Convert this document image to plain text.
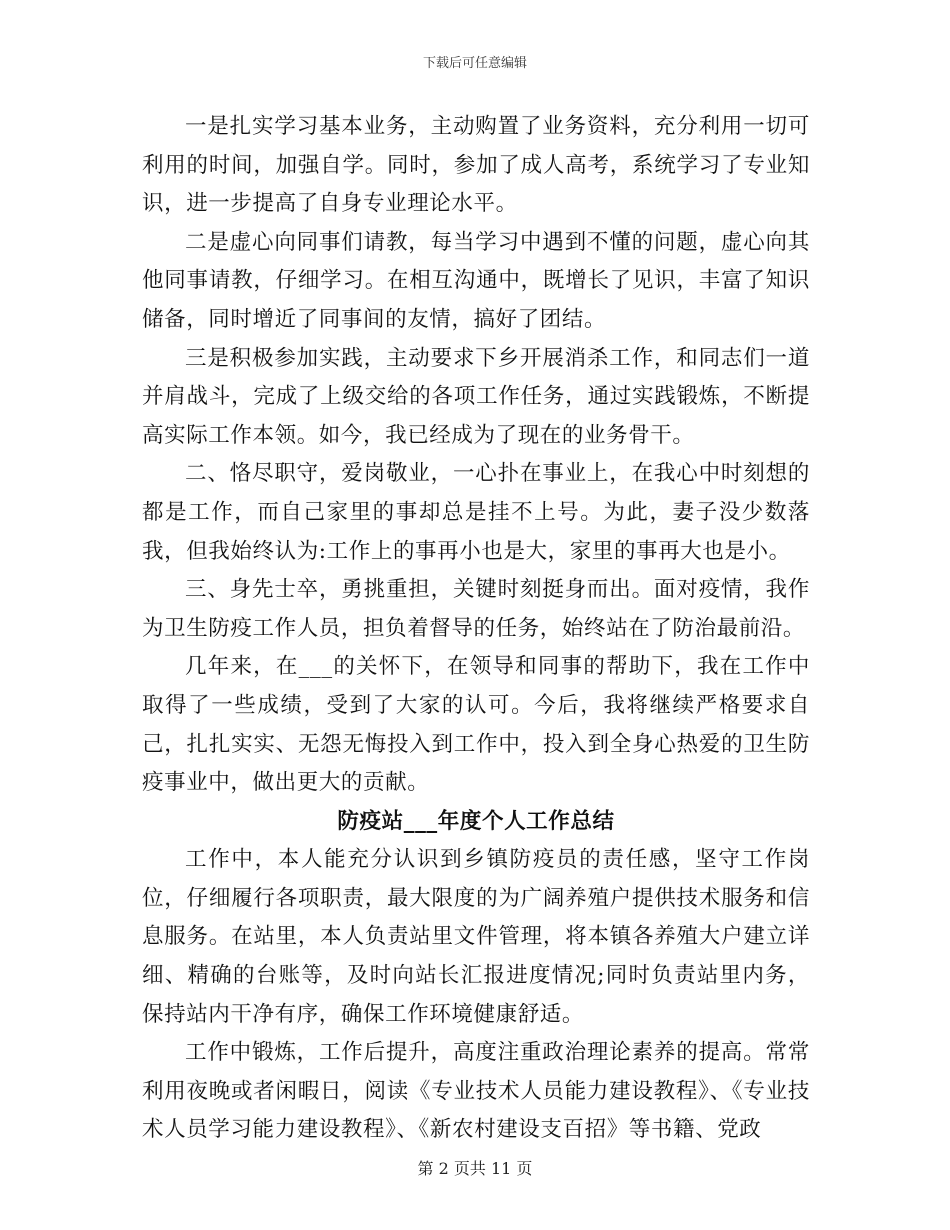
下载后可任意编辑

一是扎实学习基本业务，主动购置了业务资料，充分利用一切可利用的时间，加强自学。同时，参加了成人高考，系统学习了专业知识，进一步提高了自身专业理论水平。

二是虚心向同事们请教，每当学习中遇到不懂的问题，虚心向其他同事请教，仔细学习。在相互沟通中，既增长了见识，丰富了知识储备，同时增近了同事间的友情，搞好了团结。

三是积极参加实践，主动要求下乡开展消杀工作，和同志们一道并肩战斗，完成了上级交给的各项工作任务，通过实践锻炼，不断提高实际工作本领。如今，我已经成为了现在的业务骨干。

二、恪尽职守，爱岗敬业，一心扑在事业上，在我心中时刻想的都是工作，而自己家里的事却总是挂不上号。为此，妻子没少数落我，但我始终认为:工作上的事再小也是大，家里的事再大也是小。

三、身先士卒，勇挑重担，关键时刻挺身而出。面对疫情，我作为卫生防疫工作人员，担负着督导的任务，始终站在了防治最前沿。

几年来，在___的关怀下，在领导和同事的帮助下，我在工作中取得了一些成绩，受到了大家的认可。今后，我将继续严格要求自己，扎扎实实、无怨无悔投入到工作中，投入到全身心热爱的卫生防疫事业中，做出更大的贡献。

防疫站___年度个人工作总结

工作中，本人能充分认识到乡镇防疫员的责任感，坚守工作岗位，仔细履行各项职责，最大限度的为广阔养殖户提供技术服务和信息服务。在站里，本人负责站里文件管理，将本镇各养殖大户建立详细、精确的台账等，及时向站长汇报进度情况;同时负责站里内务，保持站内干净有序，确保工作环境健康舒适。

工作中锻炼，工作后提升，高度注重政治理论素养的提高。常常利用夜晚或者闲暇日，阅读《专业技术人员能力建设教程》、《专业技术人员学习能力建设教程》、《新农村建设支百招》等书籍、党政

第 2 页共 11 页
